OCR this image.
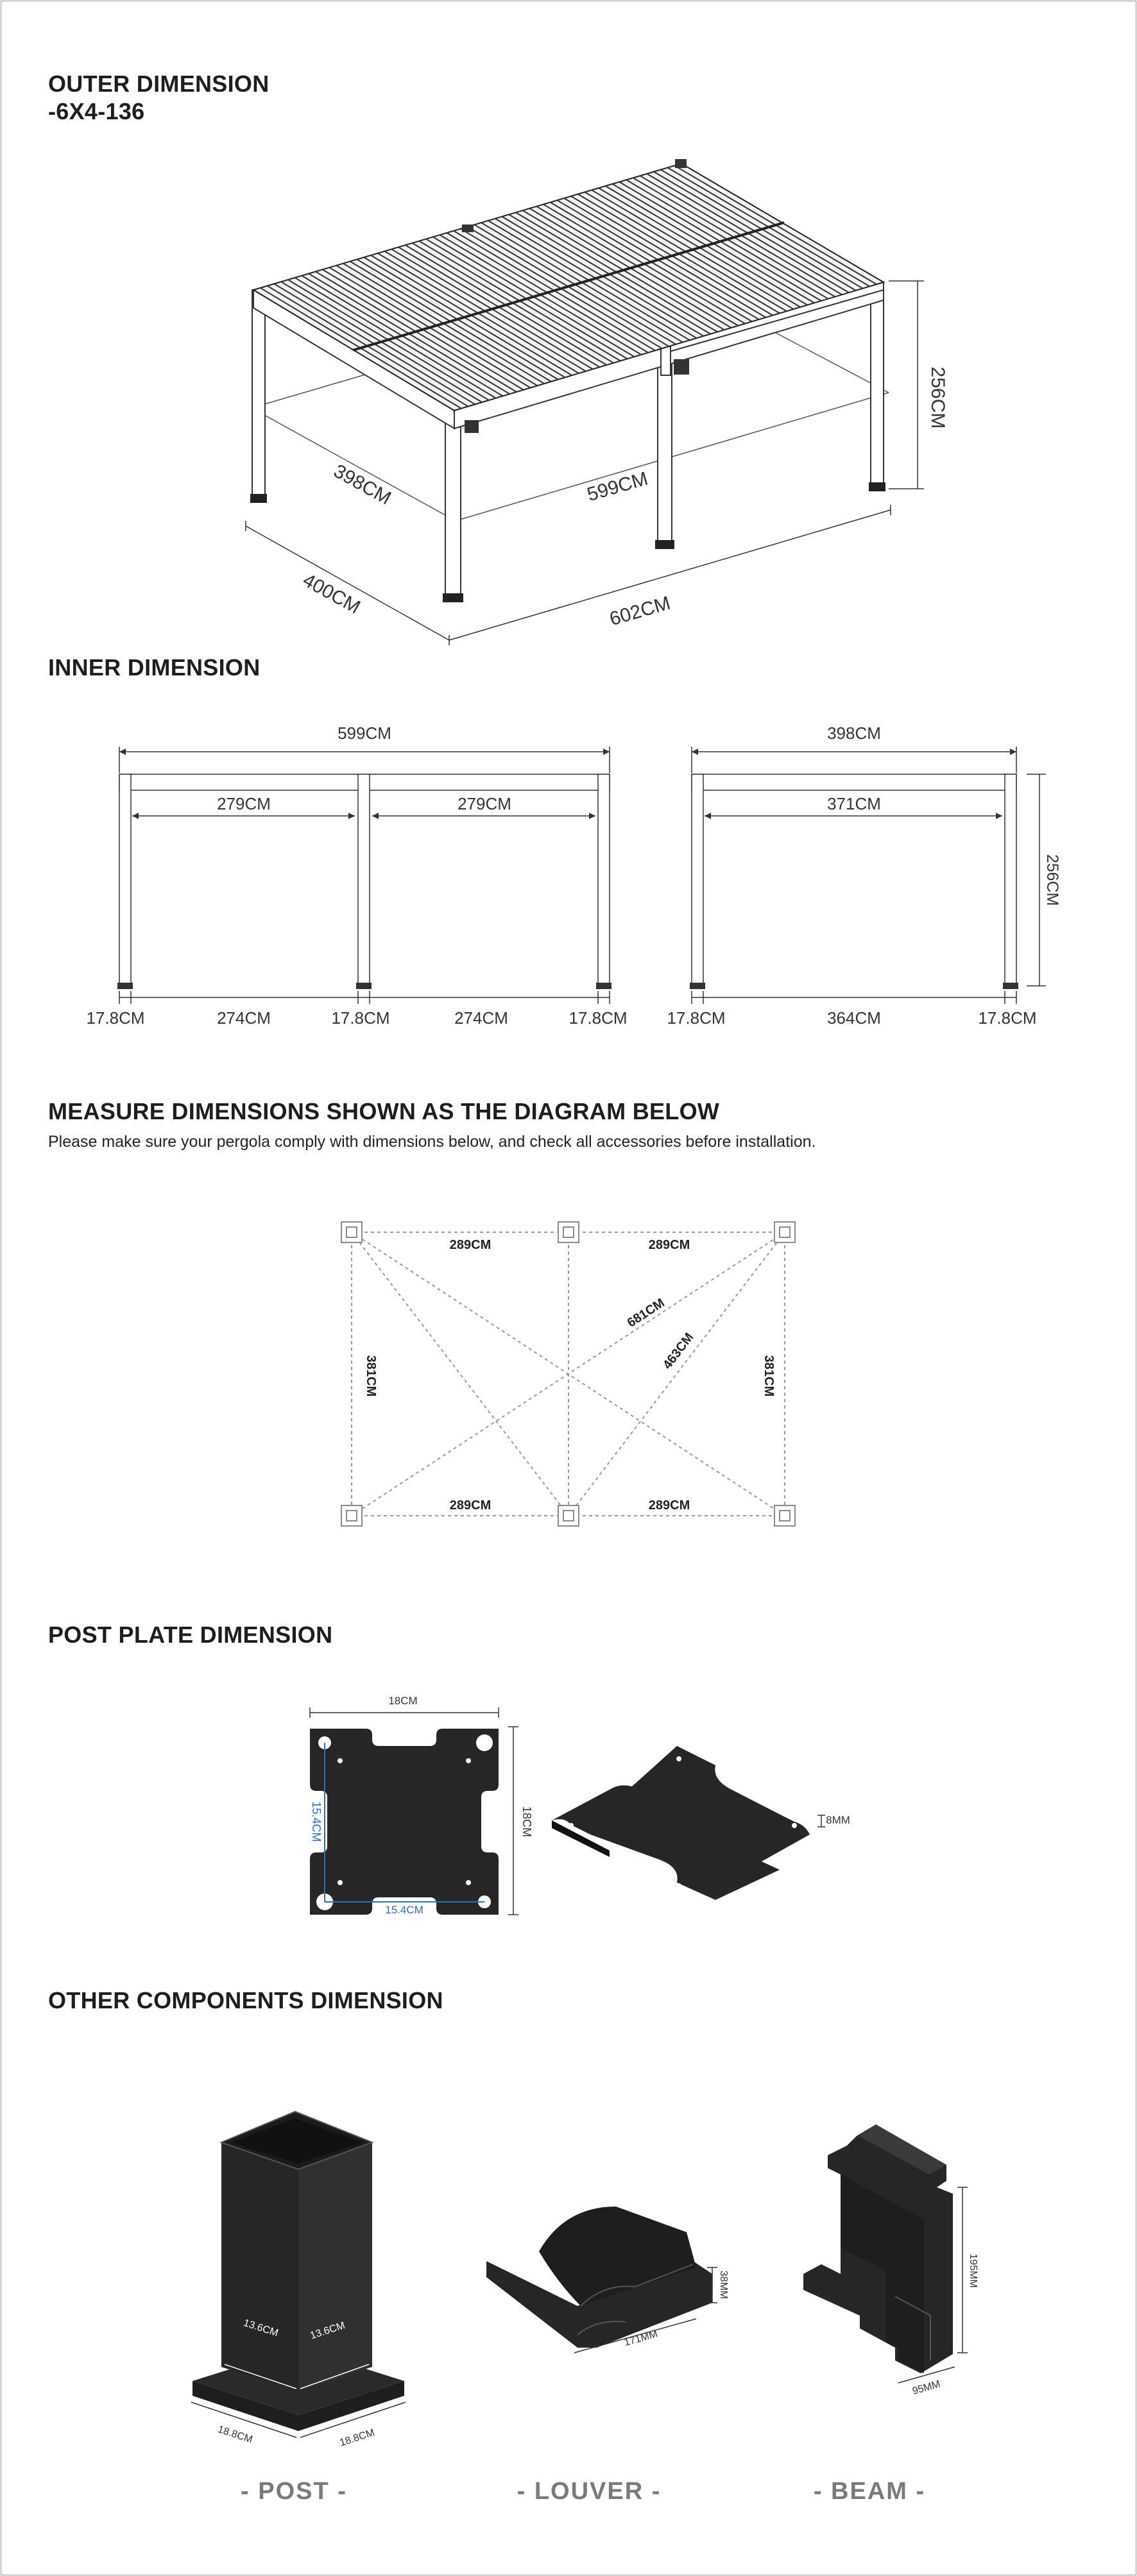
OUTER DIMENSION

-6X4-136

256CM
398CM	599CM
400CM	602CM

INNER DIMENSION

256CM
599CM
279CM	279CM
17.8CM	274CM	17.8CM	274CM	17.8CM
398CM
371CM
17.8CM	364CM	17.8CM

MEASURE DIMENSIONS SHOWN AS THE DIAGRAM BELOW

Please make sure your pergola comply with dimensions below, and check all accessories before installation.

381CM	381CM
681CM
463CM
289CM	289CM
289CM	289CM

POST PLATE DIMENSION

15.4CM	18CM
18CM
15.4CM
8MM

OTHER COMPONENTS DIMENSION

13.6CM	13.6CM
18.8CM	18.8CM
171MM
38MM	195MM
95MM
- POST -	- LOUVER -	- BEAM -
